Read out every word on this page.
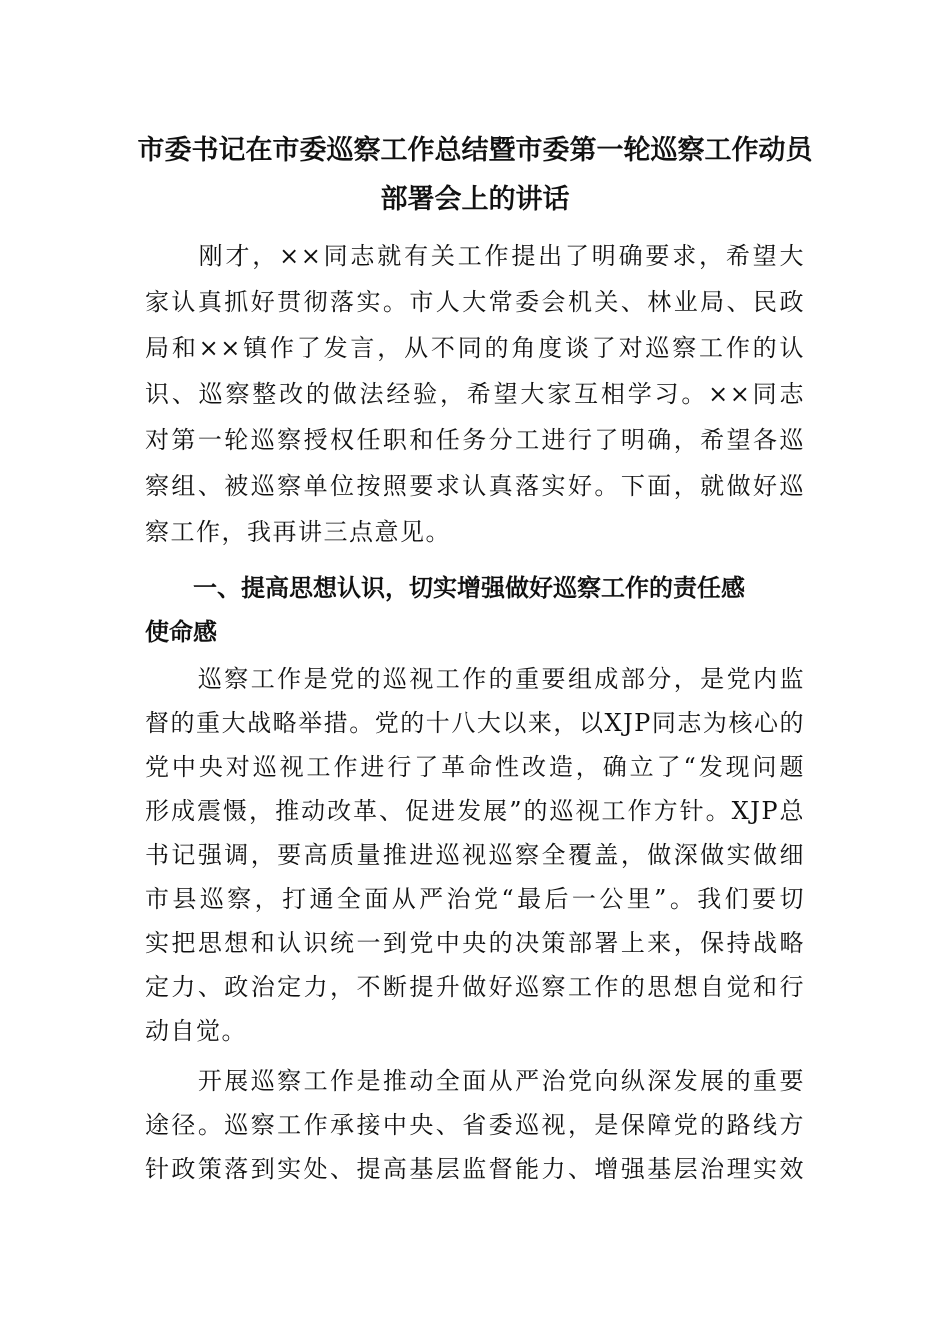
市委书记在市委巡察工作总结暨市委第一轮巡察工作动员
部署会上的讲话
　　刚才，××同志就有关工作提出了明确要求，希望大
家认真抓好贯彻落实。市人大常委会机关、林业局、民政
局和××镇作了发言，从不同的角度谈了对巡察工作的认
识、巡察整改的做法经验，希望大家互相学习。××同志
对第一轮巡察授权任职和任务分工进行了明确，希望各巡
察组、被巡察单位按照要求认真落实好。下面，就做好巡
察工作，我再讲三点意见。
　　一、提高思想认识，切实增强做好巡察工作的责任感
使命感
　　巡察工作是党的巡视工作的重要组成部分，是党内监
督的重大战略举措。党的十八大以来，以XJP同志为核心的
党中央对巡视工作进行了革命性改造，确立了“发现问题
形成震慑，推动改革、促进发展”的巡视工作方针。XJP总
书记强调，要高质量推进巡视巡察全覆盖，做深做实做细
市县巡察，打通全面从严治党“最后一公里”。我们要切
实把思想和认识统一到党中央的决策部署上来，保持战略
定力、政治定力，不断提升做好巡察工作的思想自觉和行
动自觉。
　　开展巡察工作是推动全面从严治党向纵深发展的重要
途径。巡察工作承接中央、省委巡视，是保障党的路线方
针政策落到实处、提高基层监督能力、增强基层治理实效
